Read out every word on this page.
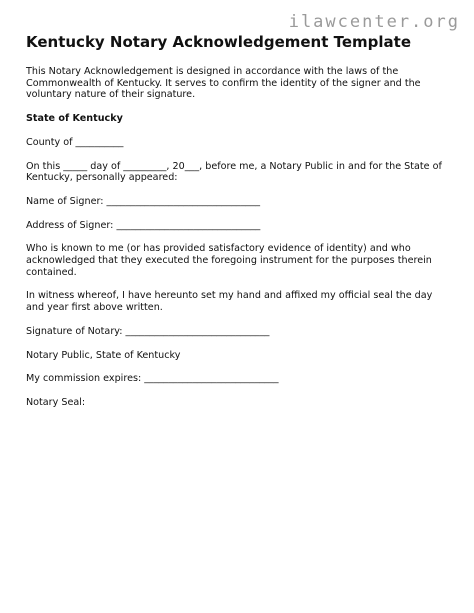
ilawcenter.org
Kentucky Notary Acknowledgement Template

This Notary Acknowledgement is designed in accordance with the laws of the Commonwealth of Kentucky. It serves to confirm the identity of the signer and the voluntary nature of their signature.

State of Kentucky

County of __________

On this _____ day of _________, 20___, before me, a Notary Public in and for the State of Kentucky, personally appeared:

Name of Signer: ________________________________

Address of Signer: ______________________________

Who is known to me (or has provided satisfactory evidence of identity) and who acknowledged that they executed the foregoing instrument for the purposes therein contained.

In witness whereof, I have hereunto set my hand and affixed my official seal the day and year first above written.

Signature of Notary: ______________________________

Notary Public, State of Kentucky

My commission expires: ____________________________

Notary Seal:
